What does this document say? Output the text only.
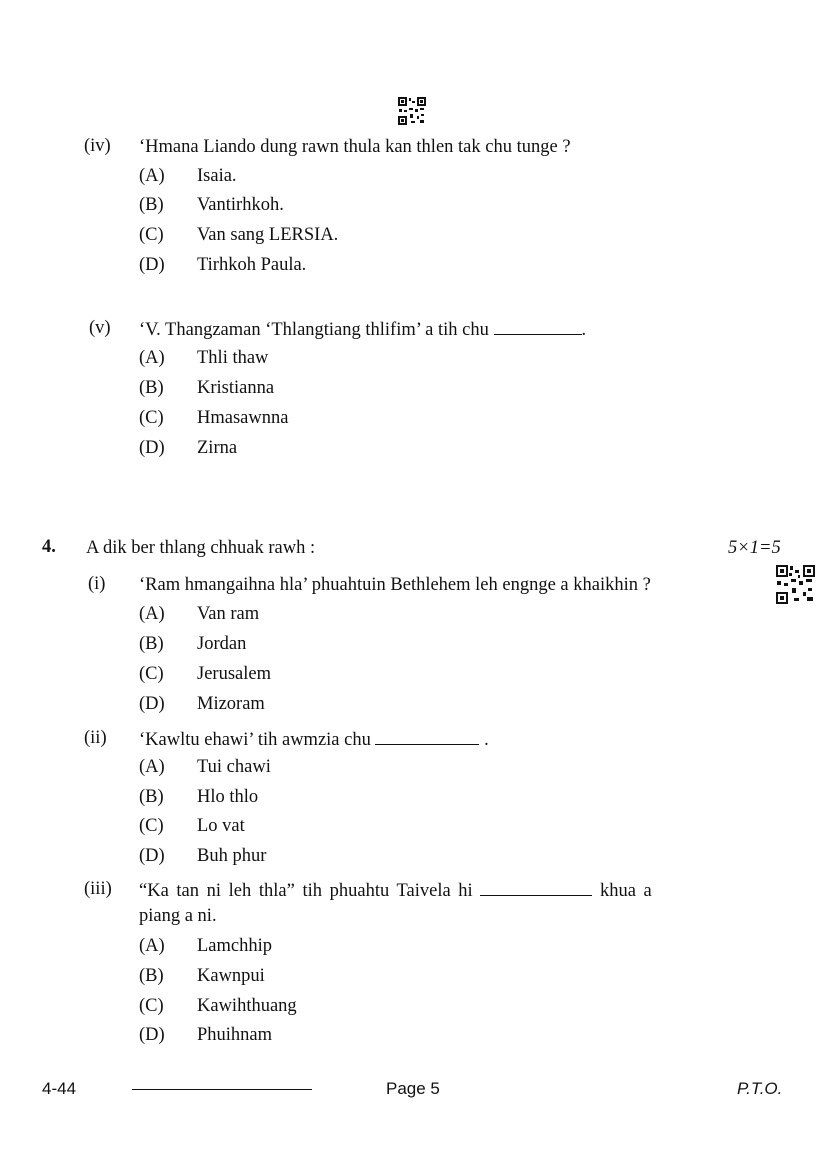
(iv) ‘Hmana Liando dung rawn thula kan thlen tak chu tunge ?
(A) Isaia.
(B) Vantirhkoh.
(C) Van sang LERSIA.
(D) Tirhkoh Paula.
(v) ‘V. Thangzaman ‘Thlangtiang thlifim’ a tih chu	.
(A) Thli thaw
(B) Kristianna
(C) Hmasawnna
(D) Zirna
4. A dik ber thlang chhuak rawh :	5×1=5
(i) ‘Ram hmangaihna hla’ phuahtuin Bethlehem leh engnge a khaikhin ?
(A) Van ram
(B) Jordan
(C) Jerusalem
(D) Mizoram
(ii) ‘Kawltu ehawi’ tih awmzia chu	.
(A) Tui chawi
(B) Hlo thlo
(C) Lo vat
(D) Buh phur
(iii) “Ka tan ni leh thla” tih phuahtu Taivela hi	khua a
piang a ni.
(A) Lamchhip
(B) Kawnpui
(C) Kawihthuang
(D) Phuihnam
4-44	Page 5	P.T.O.
